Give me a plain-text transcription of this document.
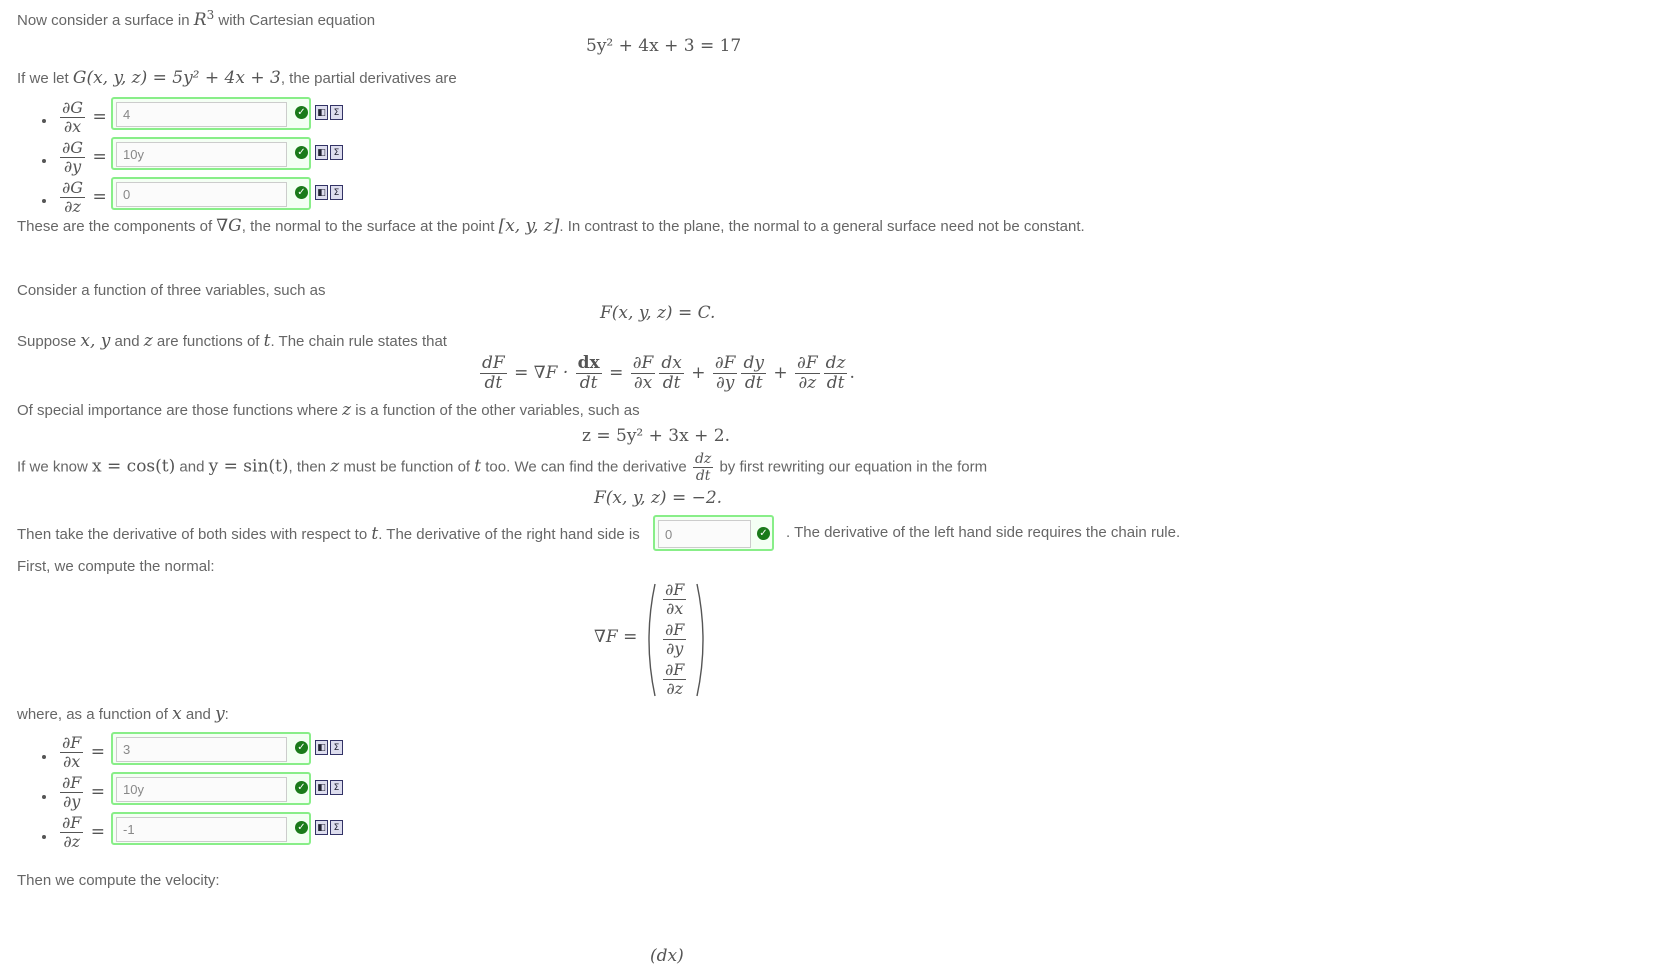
Now consider a surface in $R^3$ with Cartesian equation
5y² + 4x + 3 = 17
If we let G(x, y, z) = 5y² + 4x + 3, the partial derivatives are
$\frac{\partial G}{\partial x}$ =
4	✓ ◧ Σ
$\frac{\partial G}{\partial y}$ =
10y	✓ ◧ Σ
$\frac{\partial G}{\partial z}$ =
0	✓ ◧ Σ
These are the components of ∇G, the normal to the surface at the point [x, y, z]. In contrast to the plane, the normal to a general surface need not be constant.
Consider a function of three variables, such as
F(x, y, z) = C.
Suppose x, y and z are functions of t. The chain rule states that
$\frac{dF}{dt} = \nabla F \cdot \frac{dx}{dt} = \frac{\partial F}{\partial x} \frac{dx}{dt} + \frac{\partial F}{\partial y} \frac{dy}{dt} + \frac{\partial F}{\partial z} \frac{dz}{dt}$ .
Of special importance are those functions where z is a function of the other variables, such as
z = 5y² + 3x + 2.
If we know x = cos(t) and y = sin(t), then z must be function of t too. We can find the derivative $\frac{dz}{dt}$ by first rewriting our equation in the form
F(x, y, z) = −2.
Then take the derivative of both sides with respect to t. The derivative of the right hand side is
0	✓ . The derivative of the left hand side requires the chain rule.
First, we compute the normal:
∇F =
$\frac{\partial F}{\partial x}$
$\frac{\partial F}{\partial y}$
$\frac{\partial F}{\partial z}$
where, as a function of x and y:
$\frac{\partial F}{\partial x}$ =
3	✓ ◧ Σ
$\frac{\partial F}{\partial y}$ =
10y	✓ ◧ Σ
$\frac{\partial F}{\partial z}$ =
-1	✓ ◧ Σ
Then we compute the velocity:
(dx)
